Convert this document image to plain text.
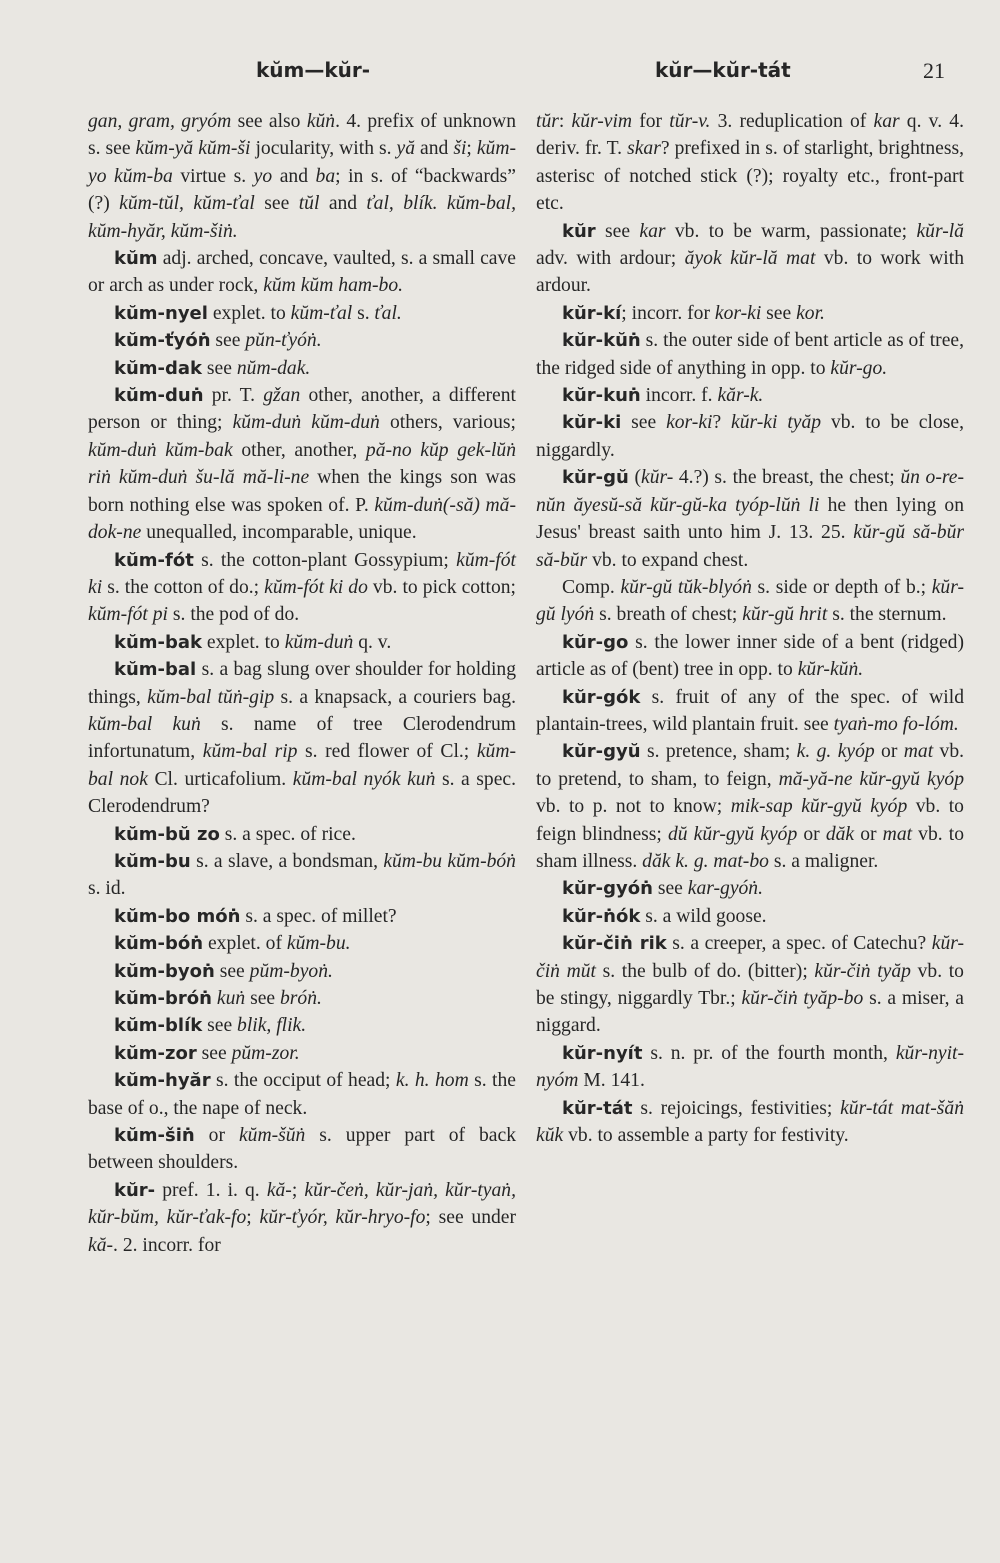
kŭm—kŭr-	kŭr—kŭr-tát	21

gan, gram, gryóm see also kŭṅ. 4. prefix of unknown s. see kŭm-yă kŭm-ši jocularity, with s. yă and ši; kŭm-yo kŭm-ba virtue s. yo and ba; in s. of “backwards” (?) kŭm-tŭl, kŭm-ťal see tŭl and ťal, blík. kŭm-bal, kŭm-hyăr, kŭm-šiṅ.

kŭm adj. arched, concave, vaulted, s. a small cave or arch as under rock, kŭm kŭm ham-bo.

kŭm-nyel explet. to kŭm-ťal s. ťal.

kŭm-ťyóṅ see pŭn-ťyóṅ.

kŭm-dak see nŭm-dak.

kŭm-duṅ pr. T. gžan other, another, a different person or thing; kŭm-duṅ kŭm-duṅ others, various; kŭm-duṅ kŭm-bak other, another, pă-no kŭp gek-lŭṅ riṅ kŭm-duṅ šu-lă mă-li-ne when the kings son was born nothing else was spoken of. P. kŭm-duṅ(-să) mă-dok-ne unequalled, incomparable, unique.

kŭm-fót s. the cotton-plant Gossypium; kŭm-fót ki s. the cotton of do.; kŭm-fót ki do vb. to pick cotton; kŭm-fót pi s. the pod of do.

kŭm-bak explet. to kŭm-duṅ q. v.

kŭm-bal s. a bag slung over shoulder for holding things, kŭm-bal tŭṅ-gip s. a knapsack, a couriers bag. kŭm-bal kuṅ s. name of tree Clerodendrum infortunatum, kŭm-bal rip s. red flower of Cl.; kŭm-bal nok Cl. urticafolium. kŭm-bal nyók kuṅ s. a spec. Clerodendrum?

kŭm-bŭ zo s. a spec. of rice.

kŭm-bu s. a slave, a bondsman, kŭm-bu kŭm-bóṅ s. id.

kŭm-bo móṅ s. a spec. of millet?

kŭm-bóṅ explet. of kŭm-bu.

kŭm-byoṅ see pŭm-byoṅ.

kŭm-bróṅ kuṅ see bróṅ.

kŭm-blík see blik, flik.

kŭm-zor see pŭm-zor.

kŭm-hyăr s. the occiput of head; k. h. hom s. the base of o., the nape of neck.

kŭm-šiṅ or kŭm-šŭṅ s. upper part of back between shoulders.

kŭr- pref. 1. i. q. kă-; kŭr-čeṅ, kŭr-jaṅ, kŭr-tyaṅ, kŭr-bŭm, kŭr-ťak-fo; kŭr-ťyór, kŭr-hryo-fo; see under kă-. 2. incorr. for

tŭr: kŭr-vim for tŭr-v. 3. reduplication of kar q. v. 4. deriv. fr. T. skar? prefixed in s. of starlight, brightness, asterisc of notched stick (?); royalty etc., front-part etc.

kŭr see kar vb. to be warm, passionate; kŭr-lă adv. with ardour; ăyok kŭr-lă mat vb. to work with ardour.

kŭr-kí; incorr. for kor-ki see kor.

kŭr-kŭṅ s. the outer side of bent article as of tree, the ridged side of anything in opp. to kŭr-go.

kŭr-kuṅ incorr. f. kăr-k.

kŭr-ki see kor-ki? kŭr-ki tyăp vb. to be close, niggardly.

kŭr-gŭ (kŭr- 4.?) s. the breast, the chest; ŭn o-re-nŭn ăyesŭ-să kŭr-gŭ-ka tyóp-lŭṅ li he then lying on Jesus' breast saith unto him J. 13. 25. kŭr-gŭ să-bŭr să-bŭr vb. to expand chest.

Comp. kŭr-gŭ tŭk-blyóṅ s. side or depth of b.; kŭr-gŭ lyóṅ s. breath of chest; kŭr-gŭ hrit s. the sternum.

kŭr-go s. the lower inner side of a bent (ridged) article as of (bent) tree in opp. to kŭr-kŭṅ.

kŭr-gók s. fruit of any of the spec. of wild plantain-trees, wild plantain fruit. see tyaṅ-mo fo-lóm.

kŭr-gyŭ s. pretence, sham; k. g. kyóp or mat vb. to pretend, to sham, to feign, mă-yă-ne kŭr-gyŭ kyóp vb. to p. not to know; mik-sap kŭr-gyŭ kyóp vb. to feign blindness; dŭ kŭr-gyŭ kyóp or dăk or mat vb. to sham illness. dăk k. g. mat-bo s. a maligner.

kŭr-gyóṅ see kar-gyóṅ.

kŭr-ṅók s. a wild goose.

kŭr-čiṅ rik s. a creeper, a spec. of Catechu? kŭr-čiṅ mŭt s. the bulb of do. (bitter); kŭr-čiṅ tyăp vb. to be stingy, niggardly Tbr.; kŭr-čiṅ tyăp-bo s. a miser, a niggard.

kŭr-nyít s. n. pr. of the fourth month, kŭr-nyit-nyóm M. 141.

kŭr-tát s. rejoicings, festivities; kŭr-tát mat-šăṅ kŭk vb. to assemble a party for festivity.
